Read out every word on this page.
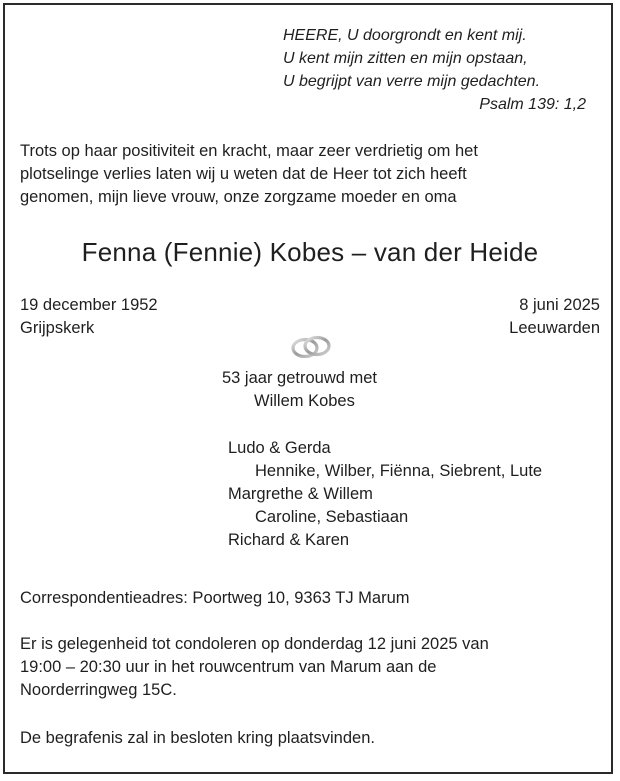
HEERE, U doorgrondt en kent mij.
U kent mijn zitten en mijn opstaan,
U begrijpt van verre mijn gedachten.
Psalm 139: 1,2
Trots op haar positiviteit en kracht, maar zeer verdrietig om het
plotselinge verlies laten wij u weten dat de Heer tot zich heeft
genomen, mijn lieve vrouw, onze zorgzame moeder en oma
Fenna (Fennie) Kobes – van der Heide
19 december 1952
Grijpskerk
8 juni 2025
Leeuwarden
53 jaar getrouwd met
Willem Kobes
Ludo & Gerda
Hennike, Wilber, Fiënna, Siebrent, Lute
Margrethe & Willem
Caroline, Sebastiaan
Richard & Karen
Correspondentieadres: Poortweg 10, 9363 TJ Marum
Er is gelegenheid tot condoleren op donderdag 12 juni 2025 van
19:00 – 20:30 uur in het rouwcentrum van Marum aan de
Noorderringweg 15C.
De begrafenis zal in besloten kring plaatsvinden.
